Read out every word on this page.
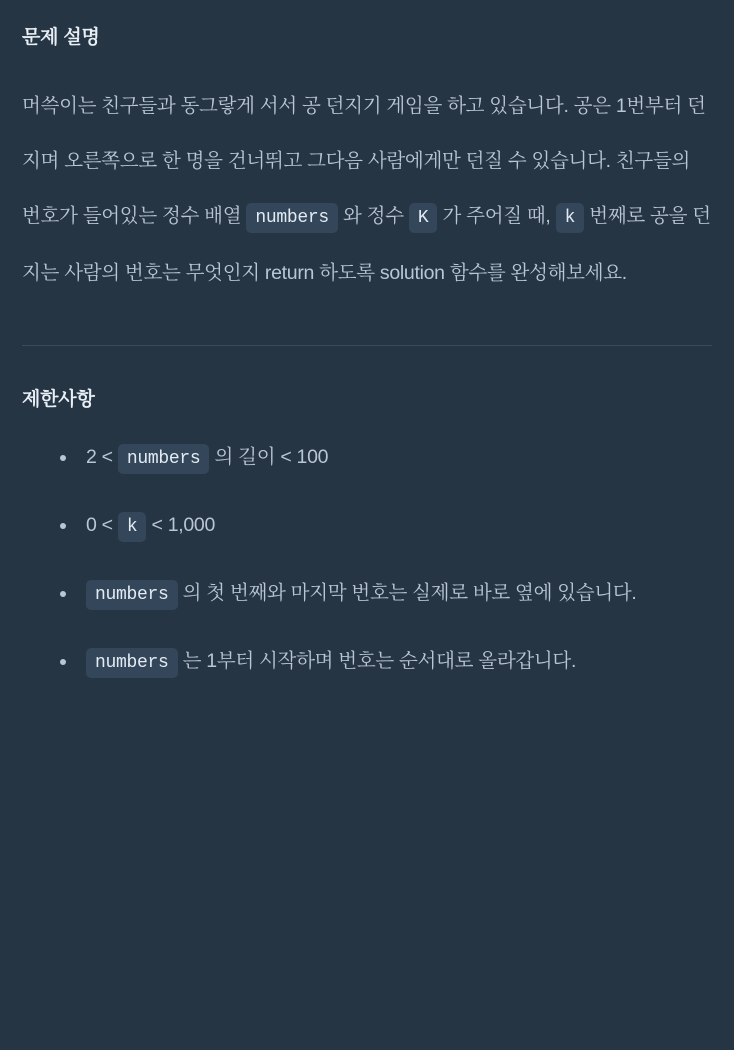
문제 설명

머쓱이는 친구들과 동그랗게 서서 공 던지기 게임을 하고 있습니다. 공은 1번부터 던지며 오른쪽으로 한 명을 건너뛰고 그다음 사람에게만 던질 수 있습니다. 친구들의 번호가 들어있는 정수 배열 numbers 와 정수 K 가 주어질 때, k 번째로 공을 던지는 사람의 번호는 무엇인지 return 하도록 solution 함수를 완성해보세요.

제한사항
2 < numbers 의 길이 < 100
0 < k < 1,000
numbers 의 첫 번째와 마지막 번호는 실제로 바로 옆에 있습니다.
numbers 는 1부터 시작하며 번호는 순서대로 올라갑니다.
